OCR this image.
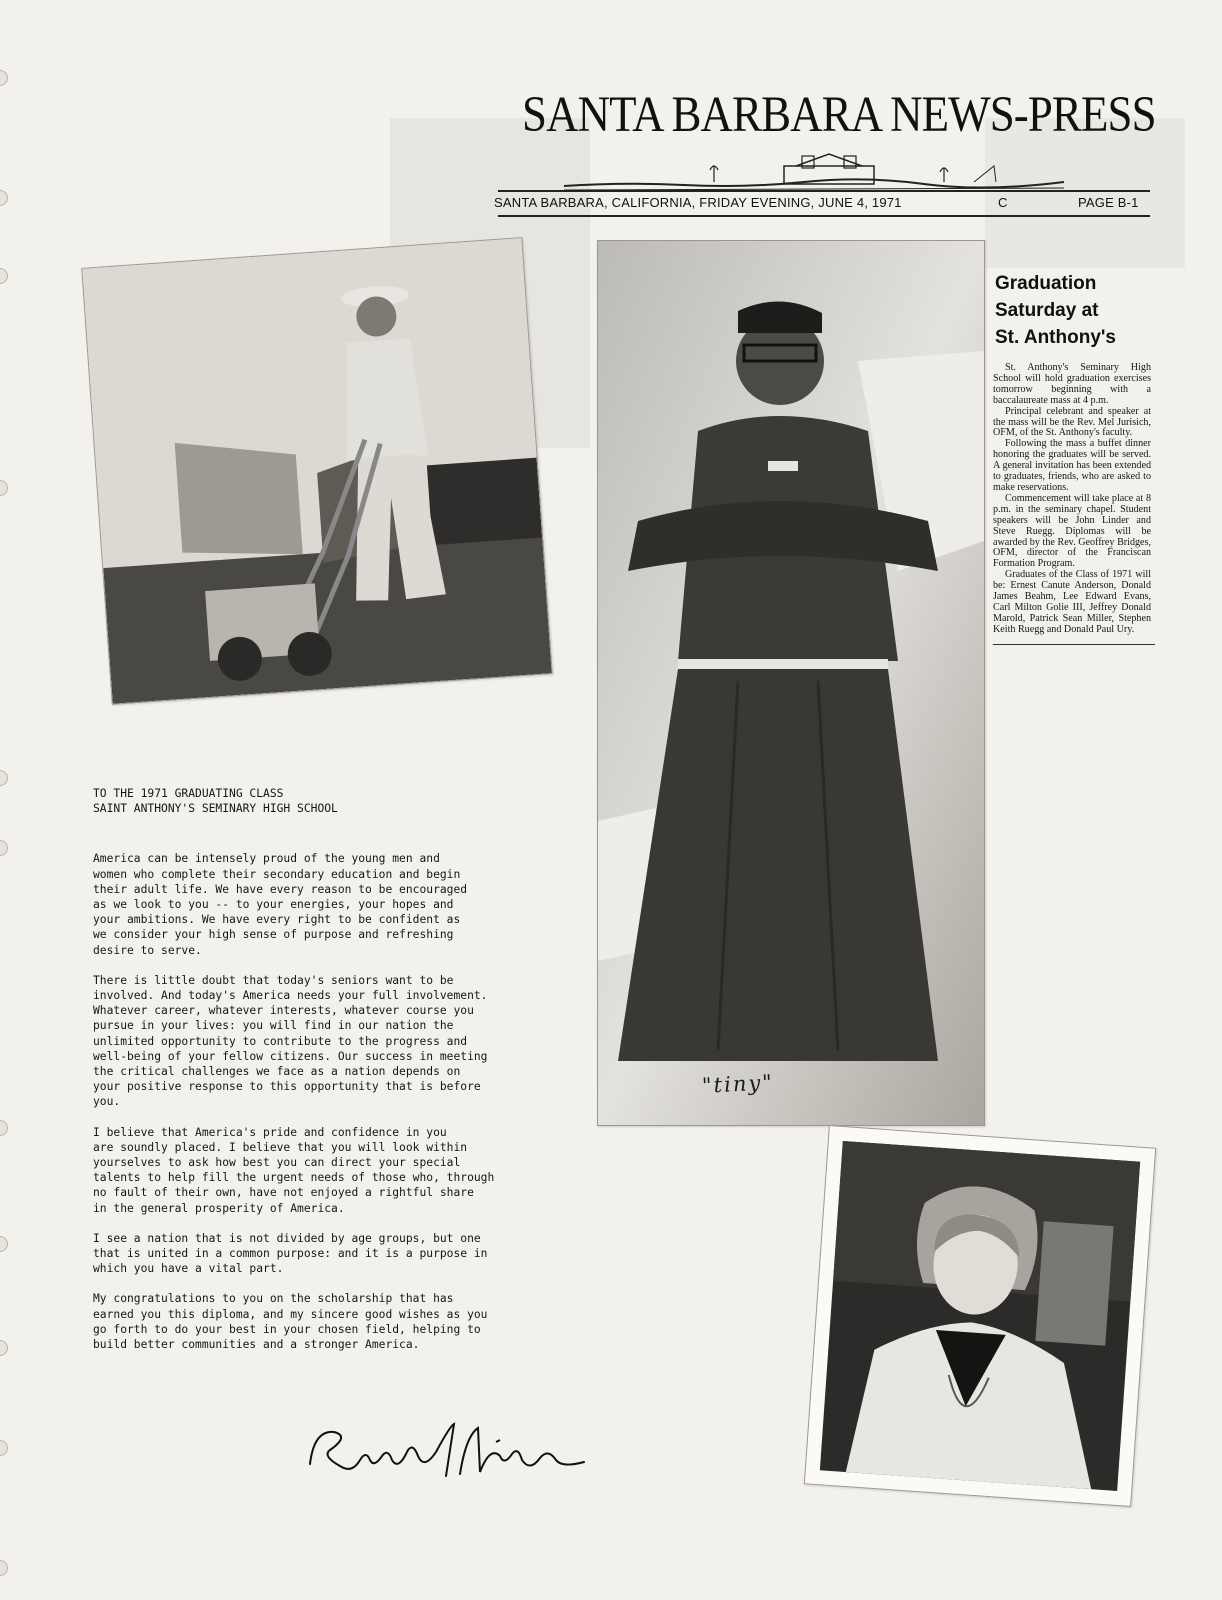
SANTA BARBARA NEWS-PRESS
SANTA BARBARA, CALIFORNIA, FRIDAY EVENING, JUNE 4, 1971	C	PAGE B-1
"tiny"
Graduation
Saturday at
St. Anthony's

St. Anthony's Seminary High School will hold graduation exercises tomorrow beginning with a baccalaureate mass at 4 p.m.

Principal celebrant and speaker at the mass will be the Rev. Mel Jurisich, OFM, of the St. Anthony's faculty.

Following the mass a buffet dinner honoring the graduates will be served. A general invitation has been extended to graduates, friends, who are asked to make reservations.

Commencement will take place at 8 p.m. in the seminary chapel. Student speakers will be John Linder and Steve Ruegg. Diplomas will be awarded by the Rev. Geoffrey Bridges, OFM, director of the Franciscan Formation Program.

Graduates of the Class of 1971 will be: Ernest Canute Anderson, Donald James Beahm, Lee Edward Evans, Carl Milton Golie III, Jeffrey Donald Marold, Patrick Sean Miller, Stephen Keith Ruegg and Donald Paul Ury.

TO THE 1971 GRADUATING CLASS
SAINT ANTHONY'S SEMINARY HIGH SCHOOL

America can be intensely proud of the young men and
women who complete their secondary education and begin
their adult life. We have every reason to be encouraged
as we look to you -- to your energies, your hopes and
your ambitions. We have every right to be confident as
we consider your high sense of purpose and refreshing
desire to serve.

There is little doubt that today's seniors want to be
involved. And today's America needs your full involvement.
Whatever career, whatever interests, whatever course you
pursue in your lives: you will find in our nation the
unlimited opportunity to contribute to the progress and
well-being of your fellow citizens. Our success in meeting
the critical challenges we face as a nation depends on
your positive response to this opportunity that is before
you.

I believe that America's pride and confidence in you
are soundly placed. I believe that you will look within
yourselves to ask how best you can direct your special
talents to help fill the urgent needs of those who, through
no fault of their own, have not enjoyed a rightful share
in the general prosperity of America.

I see a nation that is not divided by age groups, but one
that is united in a common purpose: and it is a purpose in
which you have a vital part.

My congratulations to you on the scholarship that has
earned you this diploma, and my sincere good wishes as you
go forth to do your best in your chosen field, helping to
build better communities and a stronger America.
